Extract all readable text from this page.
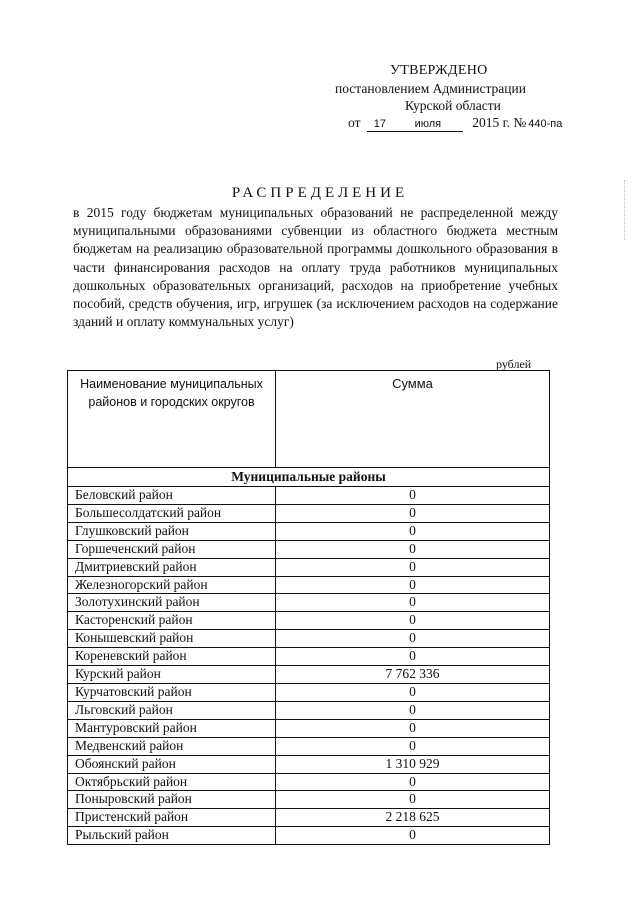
УТВЕРЖДЕНО
постановлением Администрации
Курской области
от 17	июля 2015 г. № 440-па
РАСПРЕДЕЛЕНИЕ
в 2015 году бюджетам муниципальных образований не распределенной между муниципальными образованиями субвенции из областного бюджета местным бюджетам на реализацию образовательной программы дошкольного образования в части финансирования расходов на оплату труда работников муниципальных дошкольных образовательных организаций, расходов на приобретение учебных пособий, средств обучения, игр, игрушек (за исключением расходов на содержание зданий и оплату коммунальных услуг)
рублей
Наименование муниципальных районов и городских округов	Сумма
Муниципальные районы	
Беловский район	0
Большесолдатский район	0
Глушковский район	0
Горшеченский район	0
Дмитриевский район	0
Железногорский район	0
Золотухинский район	0
Касторенский район	0
Конышевский район	0
Кореневский район	0
Курский район	7 762 336
Курчатовский район	0
Льговский район	0
Мантуровский район	0
Медвенский район	0
Обоянский район	1 310 929
Октябрьский район	0
Поныровский район	0
Пристенский район	2 218 625
Рыльский район	0
